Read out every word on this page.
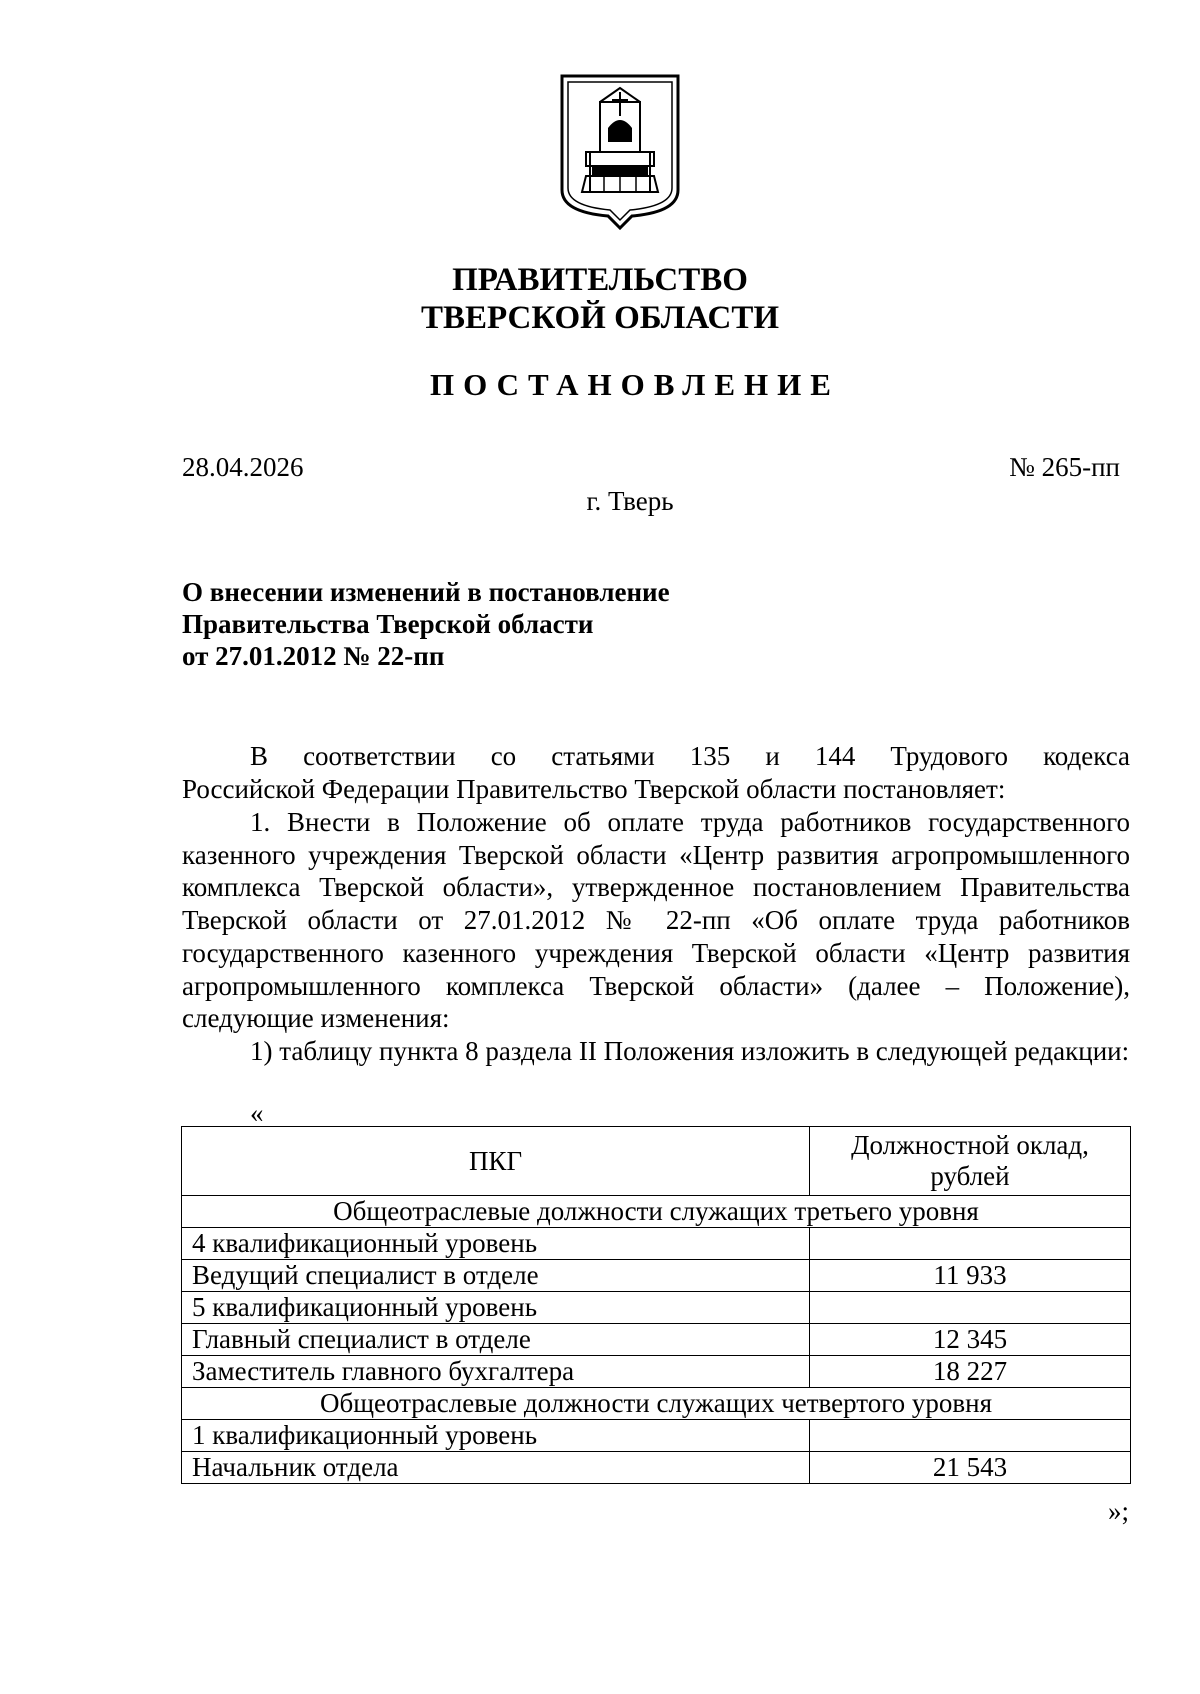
ПРАВИТЕЛЬСТВО
ТВЕРСКОЙ ОБЛАСТИ
ПОСТАНОВЛЕНИЕ
28.04.2026	№ 265-пп
г. Тверь
О внесении изменений в постановление
Правительства Тверской области
от 27.01.2012 № 22-пп
В соответствии со статьями 135 и 144 Трудового кодекса
Российской Федерации Правительство Тверской области постановляет:
1. Внести в Положение об оплате труда работников государственного казенного учреждения Тверской области «Центр развития агропромышленного комплекса Тверской области», утвержденное постановлением Правительства Тверской области от 27.01.2012 № 22-пп «Об оплате труда работников государственного казенного учреждения Тверской области «Центр развития агропромышленного комплекса Тверской области» (далее – Положение), следующие изменения:
1) таблицу пункта 8 раздела II Положения изложить в следующей редакции:
«
ПКГ	Должностной оклад,
рублей

Общеотраслевые должности служащих третьего уровня	
4 квалификационный уровень	
Ведущий специалист в отделе	11 933
5 квалификационный уровень	
Главный специалист в отделе	12 345
Заместитель главного бухгалтера	18 227
Общеотраслевые должности служащих четвертого уровня	
1 квалификационный уровень	
Начальник отдела	21 543
»;
